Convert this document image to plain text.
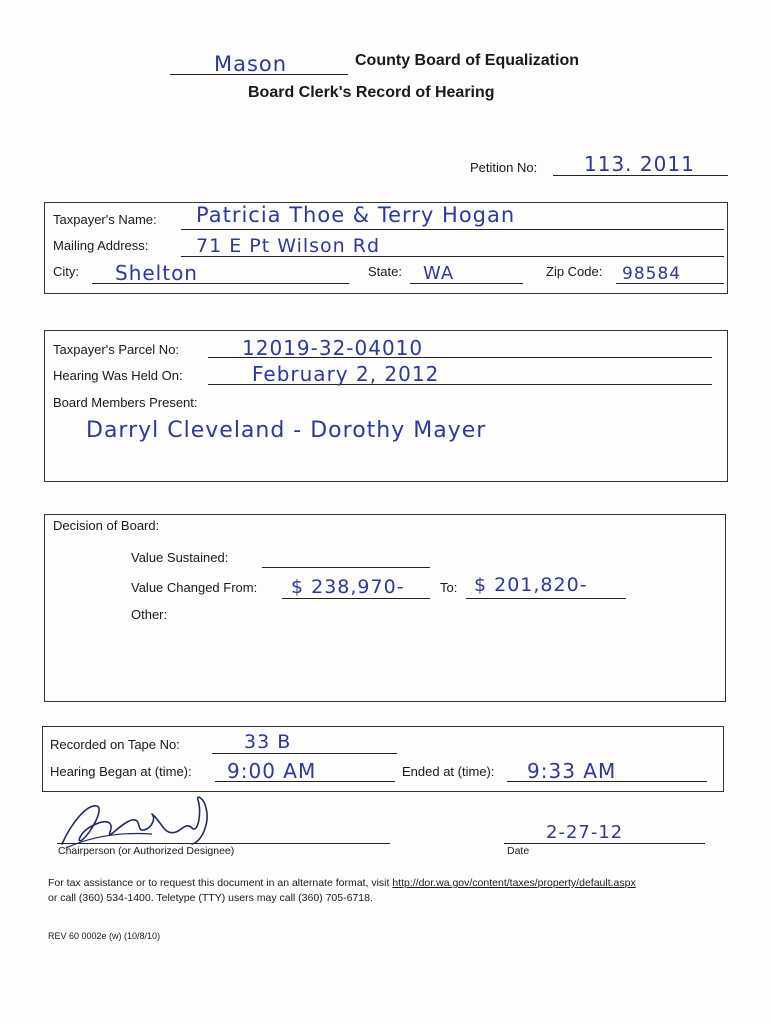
Mason	County Board of Equalization
Board Clerk's Record of Hearing
Petition No: 113. 2011
Taxpayer's Name: Patricia Thoe & Terry Hogan
Mailing Address:	71 E Pt Wilson Rd
City: Shelton	State: WA	Zip Code: 98584
Taxpayer's Parcel No:	12019-32-04010
Hearing Was Held On:	February 2, 2012
Board Members Present:
Darryl Cleveland - Dorothy Mayer
Decision of Board:
Value Sustained:
Value Changed From: $ 238,970-	To: $ 201,820-
Other:
Recorded on Tape No:	33 B
Hearing Began at (time): 9:00 AM	Ended at (time): 9:33 AM
Chairperson (or Authorized Designee)
2-27-12
Date
For tax assistance or to request this document in an alternate format, visit http://dor.wa.gov/content/taxes/property/default.aspx
or call (360) 534-1400. Teletype (TTY) users may call (360) 705-6718.
REV 60 0002e (w) (10/8/10)
